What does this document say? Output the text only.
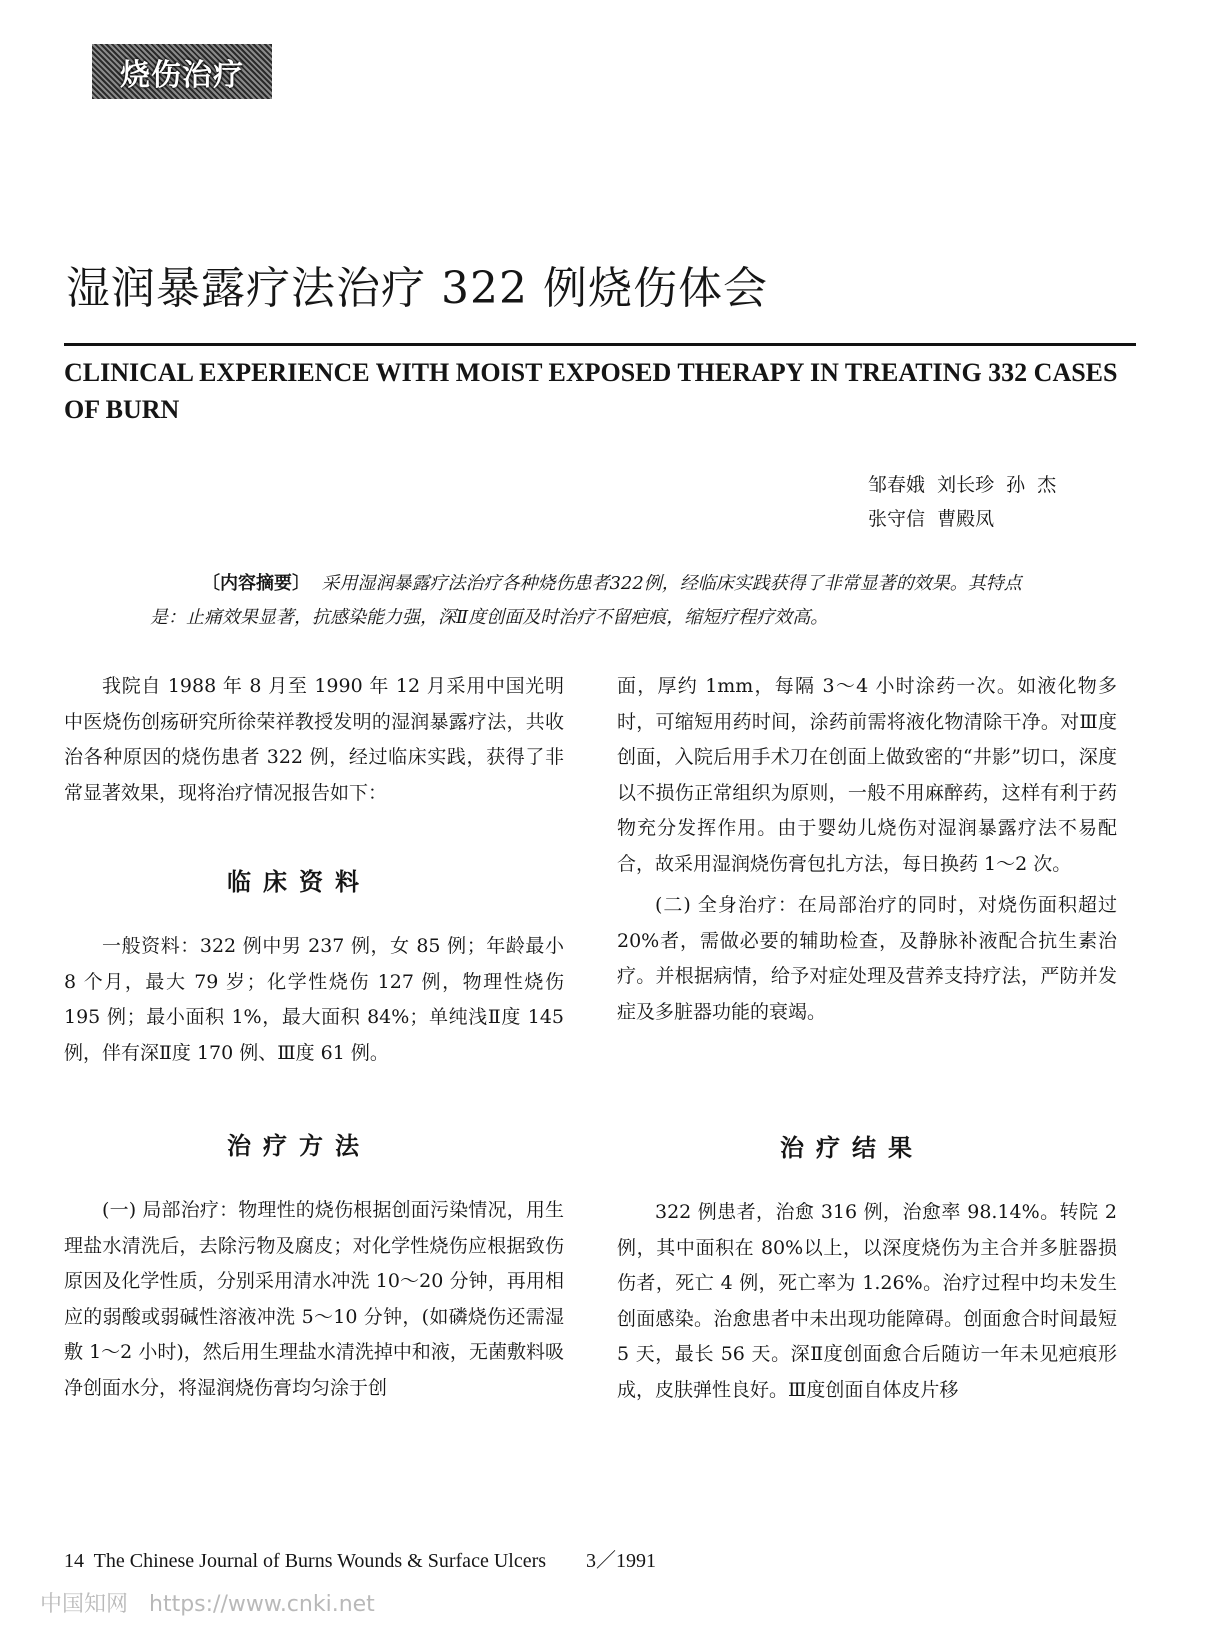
烧伤治疗
湿润暴露疗法治疗 322 例烧伤体会
CLINICAL EXPERIENCE WITH MOIST EXPOSED THERAPY IN TREATING 332 CASES OF BURN
邹春娥  刘长珍  孙  杰
张守信  曹殿凤

〔内容摘要〕 采用湿润暴露疗法治疗各种烧伤患者322例，经临床实践获得了非常显著的效果。其特点是：止痛效果显著，抗感染能力强，深Ⅱ度创面及时治疗不留疤痕，缩短疗程疗效高。

我院自 1988 年 8 月至 1990 年 12 月采用中国光明中医烧伤创疡研究所徐荣祥教授发明的湿润暴露疗法，共收治各种原因的烧伤患者 322 例，经过临床实践，获得了非常显著效果，现将治疗情况报告如下：

临床资料

一般资料：322 例中男 237 例，女 85 例；年龄最小 8 个月，最大 79 岁；化学性烧伤 127 例，物理性烧伤 195 例；最小面积 1%，最大面积 84%；单纯浅Ⅱ度 145 例，伴有深Ⅱ度 170 例、Ⅲ度 61 例。

治疗方法

(一) 局部治疗：物理性的烧伤根据创面污染情况，用生理盐水清洗后，去除污物及腐皮；对化学性烧伤应根据致伤原因及化学性质，分别采用清水冲洗 10～20 分钟，再用相应的弱酸或弱碱性溶液冲洗 5～10 分钟，(如磷烧伤还需湿敷 1～2 小时)，然后用生理盐水清洗掉中和液，无菌敷料吸净创面水分，将湿润烧伤膏均匀涂于创

面，厚约 1mm，每隔 3～4 小时涂药一次。如液化物多时，可缩短用药时间，涂药前需将液化物清除干净。对Ⅲ度创面，入院后用手术刀在创面上做致密的“井影”切口，深度以不损伤正常组织为原则，一般不用麻醉药，这样有利于药物充分发挥作用。由于婴幼儿烧伤对湿润暴露疗法不易配合，故采用湿润烧伤膏包扎方法，每日换药 1～2 次。

(二) 全身治疗：在局部治疗的同时，对烧伤面积超过 20%者，需做必要的辅助检查，及静脉补液配合抗生素治疗。并根据病情，给予对症处理及营养支持疗法，严防并发症及多脏器功能的衰竭。

治疗结果

322 例患者，治愈 316 例，治愈率 98.14%。转院 2 例，其中面积在 80%以上，以深度烧伤为主合并多脏器损伤者，死亡 4 例，死亡率为 1.26%。治疗过程中均未发生创面感染。治愈患者中未出现功能障碍。创面愈合时间最短 5 天，最长 56 天。深Ⅱ度创面愈合后随访一年未见疤痕形成，皮肤弹性良好。Ⅲ度创面自体皮片移

14 The Chinese Journal of Burns Wounds & Surface Ulcers 3／1991
中国知网 https://www.cnki.net
